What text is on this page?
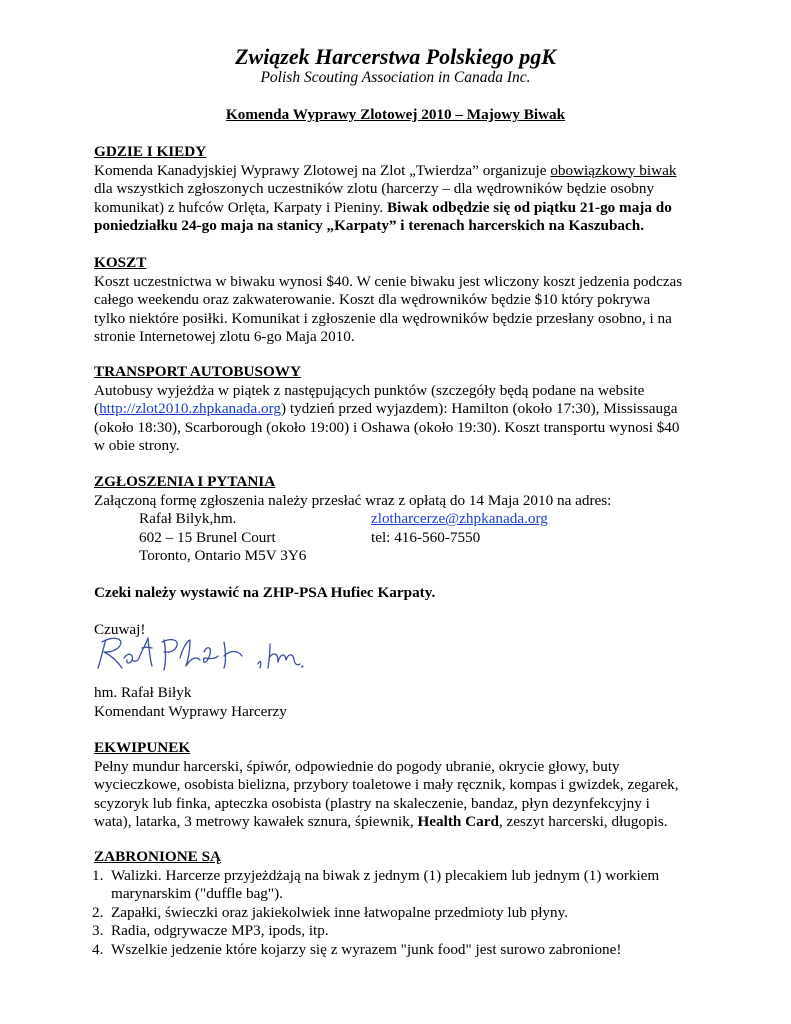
Związek Harcerstwa Polskiego pgK
Polish Scouting Association in Canada Inc.
Komenda Wyprawy Zlotowej 2010 – Majowy Biwak
GDZIE I KIEDY

Komenda Kanadyjskiej Wyprawy Zlotowej na Zlot „Twierdza” organizuje obowiązkowy biwak

dla wszystkich zgłoszonych uczestników zlotu (harcerzy – dla wędrowników będzie osobny

komunikat) z hufców Orlęta, Karpaty i Pieniny. Biwak odbędzie się od piątku 21-go maja do

poniedziałku 24-go maja na stanicy „Karpaty” i terenach harcerskich na Kaszubach.

KOSZT

Koszt uczestnictwa w biwaku wynosi $40. W cenie biwaku jest wliczony koszt jedzenia podczas

całego weekendu oraz zakwaterowanie. Koszt dla wędrowników będzie $10 który pokrywa

tylko niektóre posiłki. Komunikat i zgłoszenie dla wędrowników będzie przesłany osobno, i na

stronie Internetowej zlotu 6-go Maja 2010.

TRANSPORT AUTOBUSOWY

Autobusy wyjeżdża w piątek z następujących punktów (szczegóły będą podane na website

(http://zlot2010.zhpkanada.org) tydzień przed wyjazdem): Hamilton (około 17:30), Mississauga

(około 18:30), Scarborough (około 19:00) i Oshawa (około 19:30). Koszt transportu wynosi $40

w obie strony.

ZGŁOSZENIA I PYTANIA

Załączoną formę zgłoszenia należy przesłać wraz z opłatą do 14 Maja 2010 na adres:

Rafał Bilyk,hm.	zlotharcerze@zhpkanada.org
602 – 15 Brunel Court	tel: 416-560-7550
Toronto, Ontario M5V 3Y6
Czeki należy wystawić na ZHP-PSA Hufiec Karpaty.
Czuwaj!

hm. Rafał Biłyk

Komendant Wyprawy Harcerzy

EKWIPUNEK

Pełny mundur harcerski, śpiwór, odpowiednie do pogody ubranie, okrycie głowy, buty

wycieczkowe, osobista bielizna, przybory toaletowe i mały ręcznik, kompas i gwizdek, zegarek,

scyzoryk lub finka, apteczka osobista (plastry na skaleczenie, bandaz, płyn dezynfekcyjny i

wata), latarka, 3 metrowy kawałek sznura, śpiewnik, Health Card, zeszyt harcerski, długopis.

ZABRONIONE SĄ
1. Walizki. Harcerze przyjeżdżają na biwak z jednym (1) plecakiem lub jednym (1) workiem
marynarskim ("duffle bag").
2. Zapałki, świeczki oraz jakiekolwiek inne łatwopalne przedmioty lub płyny.
3. Radia, odgrywacze MP3, ipods, itp.
4. Wszelkie jedzenie które kojarzy się z wyrazem "junk food" jest surowo zabronione!
